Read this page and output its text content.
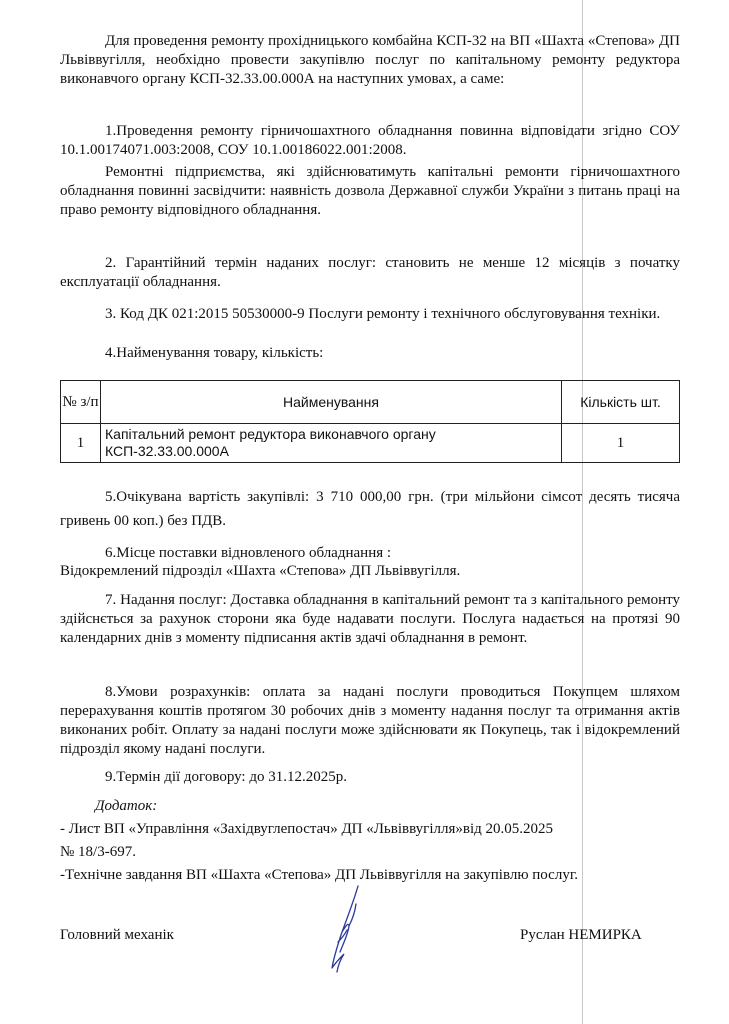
Для проведення ремонту прохідницького комбайна КСП-32 на ВП «Шахта «Степова» ДП Львіввугілля, необхідно провести закупівлю послуг по капітальному ремонту редуктора виконавчого органу КСП-32.33.00.000А на наступних умовах, а саме:

1.Проведення ремонту гірничошахтного обладнання повинна відповідати згідно СОУ 10.1.00174071.003:2008, СОУ 10.1.00186022.001:2008.

Ремонтні підприємства, які здійснюватимуть капітальні ремонти гірничошахтного обладнання повинні засвідчити: наявність дозвола Державної служби України з питань праці на право ремонту відповідного обладнання.

2. Гарантійний термін наданих послуг: становить не менше 12 місяців з початку експлуатації обладнання.

3. Код ДК 021:2015 50530000-9 Послуги ремонту і технічного обслуговування техніки.

4.Найменування товару, кількість:

№ з/п	Найменування	Кількість шт.
1	Капітальний ремонт редуктора виконавчого органу КСП-32.33.00.000А	1

5.Очікувана вартість закупівлі: 3 710 000,00 грн. (три мільйони сімсот десять тисяча гривень 00 коп.) без ПДВ.

6.Місце поставки відновленого обладнання :

Відокремлений підрозділ «Шахта «Степова» ДП Львіввугілля.

7. Надання послуг: Доставка обладнання в капітальний ремонт та з капітального ремонту здійснється за рахунок сторони яка буде надавати послуги. Послуга надається на протязі 90 календарних днів з моменту підписання актів здачі обладнання в ремонт.

8.Умови розрахунків: оплата за надані послуги проводиться Покупцем шляхом перерахування коштів протягом 30 робочих днів з моменту надання послуг та отримання актів виконаних робіт. Оплату за надані послуги може здійснювати як Покупець, так і відокремлений підрозділ якому надані послуги.

9.Термін дії договору: до 31.12.2025р.

Додаток:
- Лист ВП «Управління «Західвуглепостач» ДП «Львіввугілля»від 20.05.2025
№ 18/3-697.
-Технічне завдання ВП «Шахта «Степова» ДП Львіввугілля на закупівлю послуг.
Головний механік	Руслан НЕМИРКА
